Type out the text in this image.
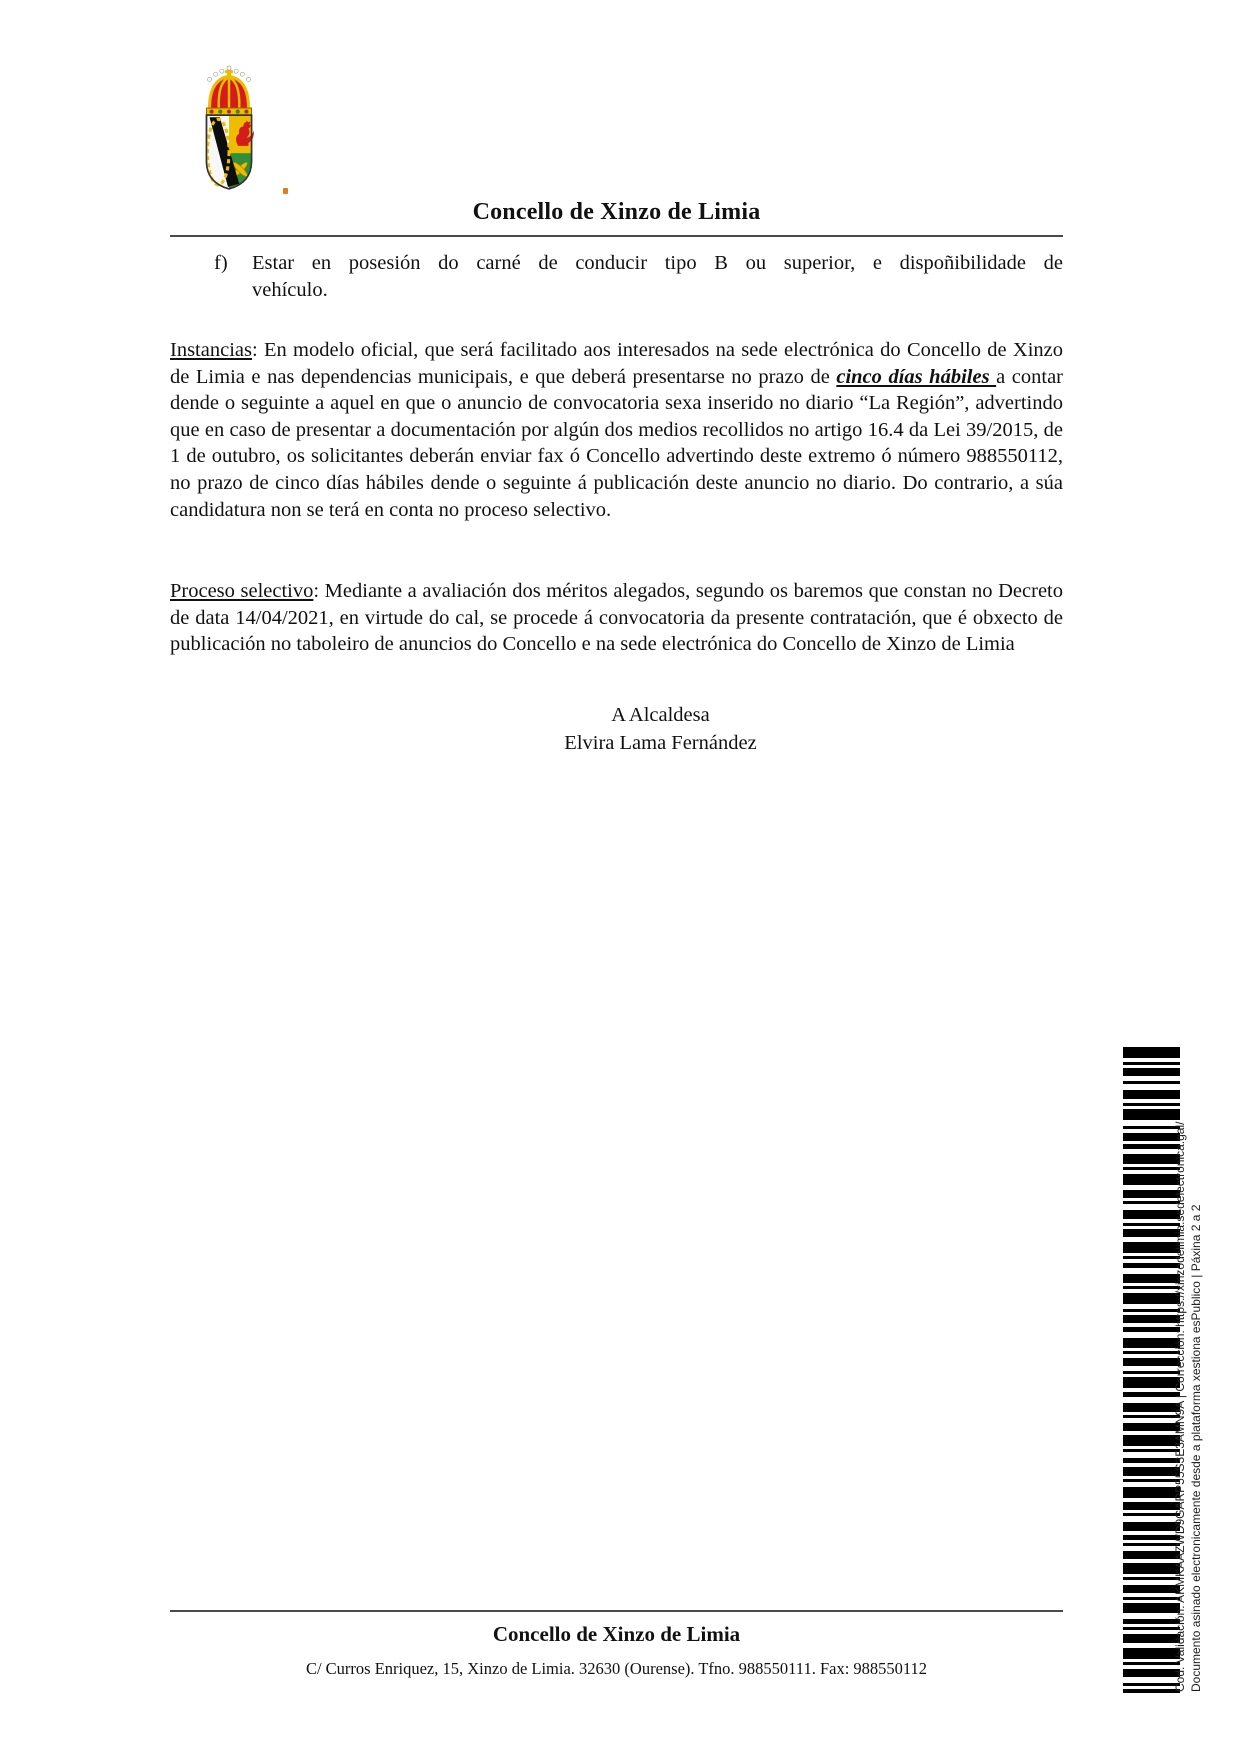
Concello de Xinzo de Limia
f) Estar en posesión do carné de conducir tipo B ou superior, e dispoñibilidade de
vehículo.
Instancias: En modelo oficial, que será facilitado aos interesados na sede electrónica do Concello de Xinzo de Limia e nas dependencias municipais, e que deberá presentarse no prazo de cinco días hábiles a contar dende o seguinte a aquel en que o anuncio de convocatoria sexa inserido no diario “La Región”, advertindo que en caso de presentar a documentación por algún dos medios recollidos no artigo 16.4 da Lei 39/2015, de 1 de outubro, os solicitantes deberán enviar fax ó Concello advertindo deste extremo ó número 988550112, no prazo de cinco días hábiles dende o seguinte á publicación deste anuncio no diario. Do contrario, a súa candidatura non se terá en conta no proceso selectivo.
Proceso selectivo: Mediante a avaliación dos méritos alegados, segundo os baremos que constan no Decreto de data 14/04/2021, en virtude do cal, se procede á convocatoria da presente contratación, que é obxecto de publicación no taboleiro de anuncios do Concello e na sede electrónica do Concello de Xinzo de Limia
A Alcaldesa
Elvira Lama Fernández
Concello de Xinzo de Limia
C/ Curros Enriquez, 15, Xinzo de Limia. 32630 (Ourense). Tfno. 988550111. Fax: 988550112	Cod. Validación: AKMKAAZWD9GARP55S3E3AMN9A | Corrección: https://xinzodelimia.sedelectronica.gal/ Documento asinado electronicamente desde a plataforma xestiona esPublico | Páxina 2 a 2
